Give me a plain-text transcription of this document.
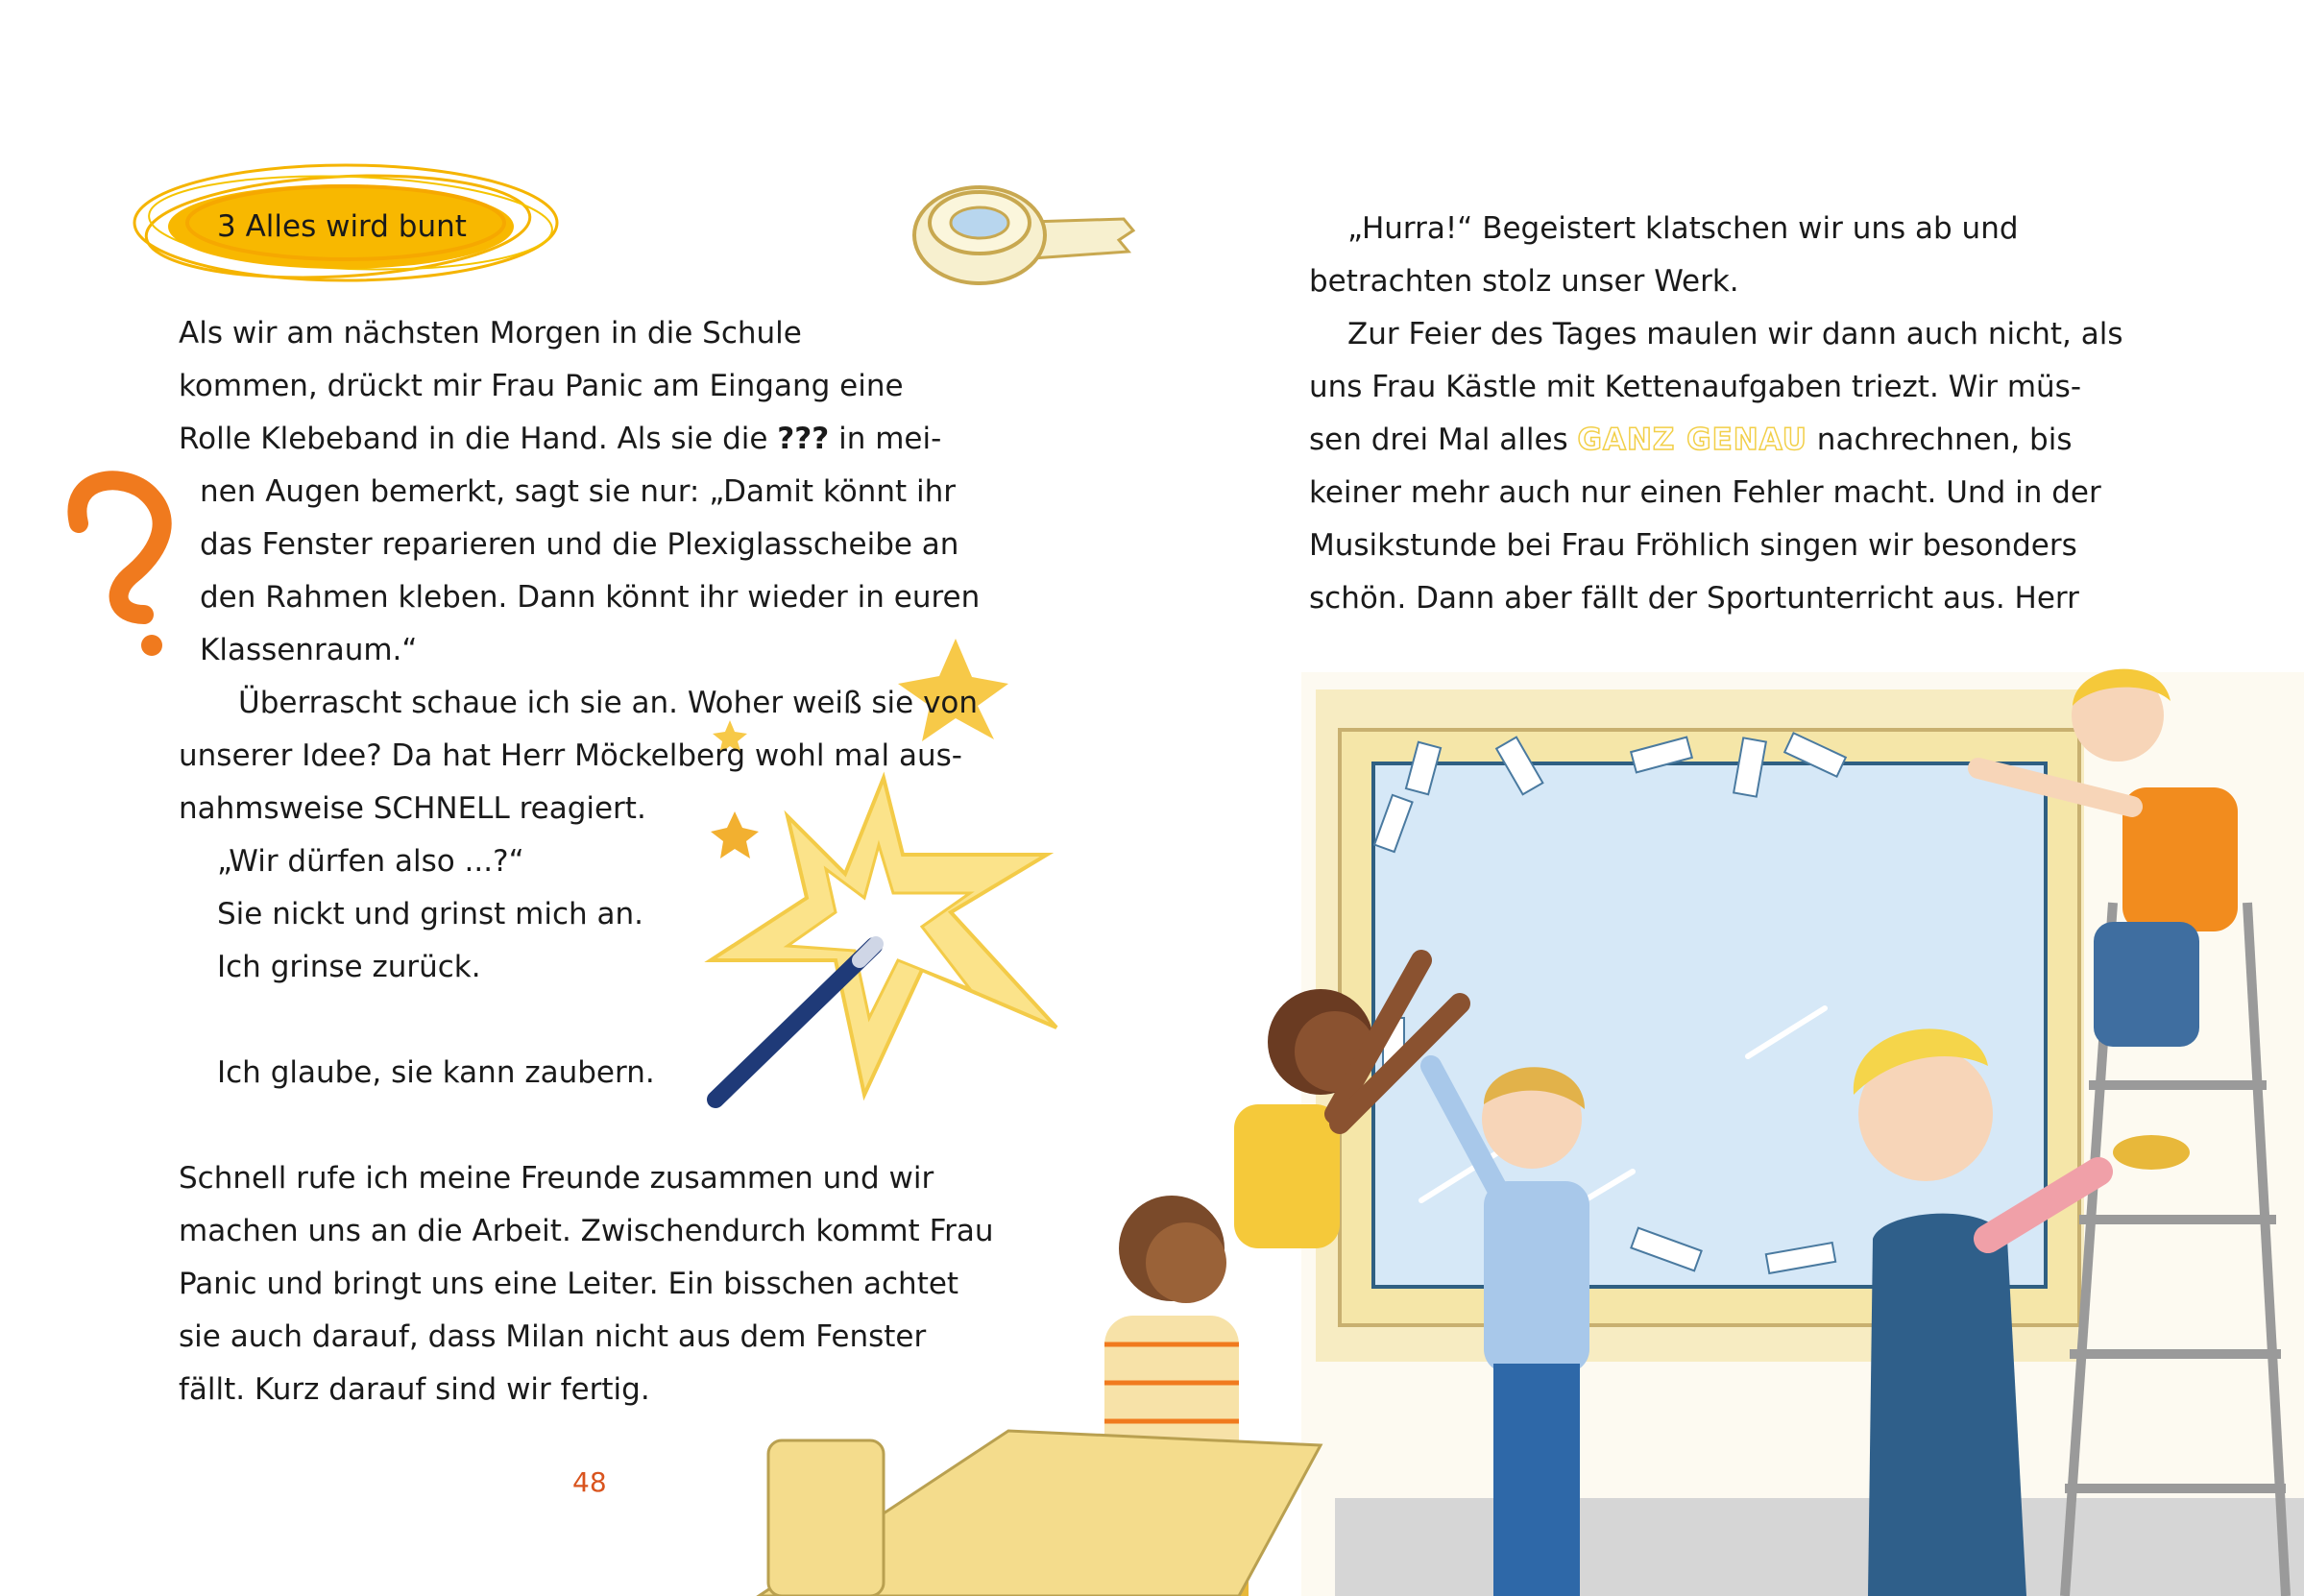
3 Alles wird bunt
Als wir am nächsten Morgen in die Schule
kommen, drückt mir Frau Panic am Eingang eine
Rolle Klebeband in die Hand. Als sie die ??? in mei-
nen Augen bemerkt, sagt sie nur: „Damit könnt ihr
das Fenster reparieren und die Plexiglasscheibe an
den Rahmen kleben. Dann könnt ihr wieder in euren
Klassenraum.“
Überrascht schaue ich sie an. Woher weiß sie von
unserer Idee? Da hat Herr Möckelberg wohl mal aus-
nahmsweise SCHNELL reagiert.
„Wir dürfen also ...?“
Sie nickt und grinst mich an.
Ich grinse zurück.
Ich glaube, sie kann zaubern.
Schnell rufe ich meine Freunde zusammen und wir
machen uns an die Arbeit. Zwischendurch kommt Frau
Panic und bringt uns eine Leiter. Ein bisschen achtet
sie auch darauf, dass Milan nicht aus dem Fenster
fällt. Kurz darauf sind wir fertig.
48
„Hurra!“ Begeistert klatschen wir uns ab und
betrachten stolz unser Werk.
Zur Feier des Tages maulen wir dann auch nicht, als
uns Frau Kästle mit Kettenaufgaben triezt. Wir müs-
sen drei Mal alles GANZ GENAU nachrechnen, bis
keiner mehr auch nur einen Fehler macht. Und in der
Musikstunde bei Frau Fröhlich singen wir besonders
schön. Dann aber fällt der Sportunterricht aus. Herr
